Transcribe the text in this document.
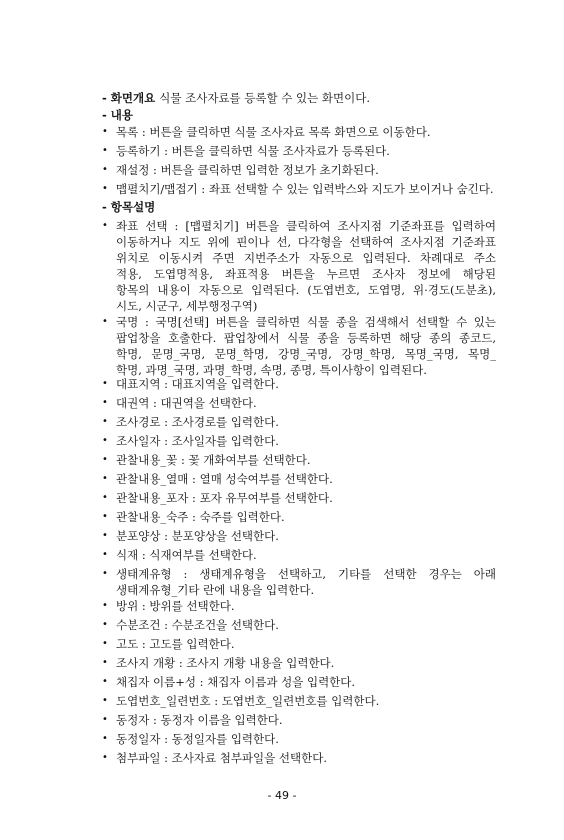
- 화면개요 식물 조사자료를 등록할 수 있는 화면이다.
- 내용
• 목록 : 버튼을 클릭하면 식물 조사자료 목록 화면으로 이동한다.
• 등록하기 : 버튼을 클릭하면 식물 조사자료가 등록된다.
• 재설정 : 버튼을 클릭하면 입력한 정보가 초기화된다.
• 맵펼치기/맵접기 : 좌표 선택할 수 있는 입력박스와 지도가 보이거나 숨긴다.
- 항목설명
• 좌표 선택 : [맵펼치기] 버튼을 클릭하여 조사지점 기준좌표를 입력하여
이동하거나 지도 위에 핀이나 선, 다각형을 선택하여 조사지점 기준좌표
위치로 이동시켜 주면 지번주소가 자동으로 입력된다. 차례대로 주소
적용, 도엽명적용, 좌표적용 버튼을 누르면 조사자 정보에 해당된
항목의 내용이 자동으로 입력된다. (도엽번호, 도엽명, 위·경도(도분초),
시도, 시군구, 세부행정구역)
• 국명 : 국명[선택] 버튼을 클릭하면 식물 종을 검색해서 선택할 수 있는
팝업창을 호출한다. 팝업창에서 식물 종을 등록하면 해당 종의 종코드,
학명, 문명_국명, 문명_학명, 강명_국명, 강명_학명, 목명_국명, 목명_
학명, 과명_국명, 과명_학명, 속명, 종명, 특이사항이 입력된다.
• 대표지역 : 대표지역을 입력한다.
• 대권역 : 대권역을 선택한다.
• 조사경로 : 조사경로를 입력한다.
• 조사일자 : 조사일자를 입력한다.
• 관찰내용_꽃 : 꽃 개화여부를 선택한다.
• 관찰내용_열매 : 열매 성숙여부를 선택한다.
• 관찰내용_포자 : 포자 유무여부를 선택한다.
• 관찰내용_숙주 : 숙주를 입력한다.
• 분포양상 : 분포양상을 선택한다.
• 식재 : 식재여부를 선택한다.
• 생태계유형 : 생태계유형을 선택하고, 기타를 선택한 경우는 아래
생태계유형_기타 란에 내용을 입력한다.
• 방위 : 방위를 선택한다.
• 수분조건 : 수분조건을 선택한다.
• 고도 : 고도를 입력한다.
• 조사지 개황 : 조사지 개황 내용을 입력한다.
• 채집자 이름+성 : 채집자 이름과 성을 입력한다.
• 도엽번호_일련번호 : 도엽번호_일련번호를 입력한다.
• 동정자 : 동정자 이름을 입력한다.
• 동정일자 : 동정일자를 입력한다.
• 첨부파일 : 조사자료 첨부파일을 선택한다.
- 49 -
